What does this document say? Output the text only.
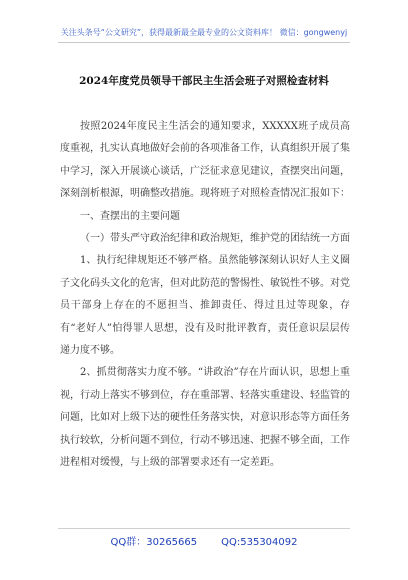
关注头条号“公文研究”，获得最新最全最专业的公文资料库！ 微信：gongwenyj
2024年度党员领导干部民主生活会班子对照检查材料

按照2024年度民主生活会的通知要求，XXXXX班子成员高度重视，扎实认真地做好会前的各项准备工作，认真组织开展了集中学习，深入开展谈心谈话，广泛征求意见建议，查摆突出问题，深刻剖析根源，明确整改措施。现将班子对照检查情况汇报如下：

一、查摆出的主要问题

（一）带头严守政治纪律和政治规矩，维护党的团结统一方面

1、执行纪律规矩还不够严格。虽然能够深刻认识好人主义圈子文化码头文化的危害，但对此防范的警惕性、敏锐性不够。对党员干部身上存在的不愿担当、推卸责任、得过且过等现象，存有“老好人”怕得罪人思想，没有及时批评教育，责任意识层层传递力度不够。

2、抓贯彻落实力度不够。“讲政治”存在片面认识，思想上重视，行动上落实不够到位，存在重部署、轻落实重建设、轻监管的问题，比如对上级下达的硬性任务落实快，对意识形态等方面任务执行较软，分析问题不到位，行动不够迅速、把握不够全面，工作进程相对缓慢，与上级的部署要求还有一定差距。

QQ群：30265665 QQ:535304092
